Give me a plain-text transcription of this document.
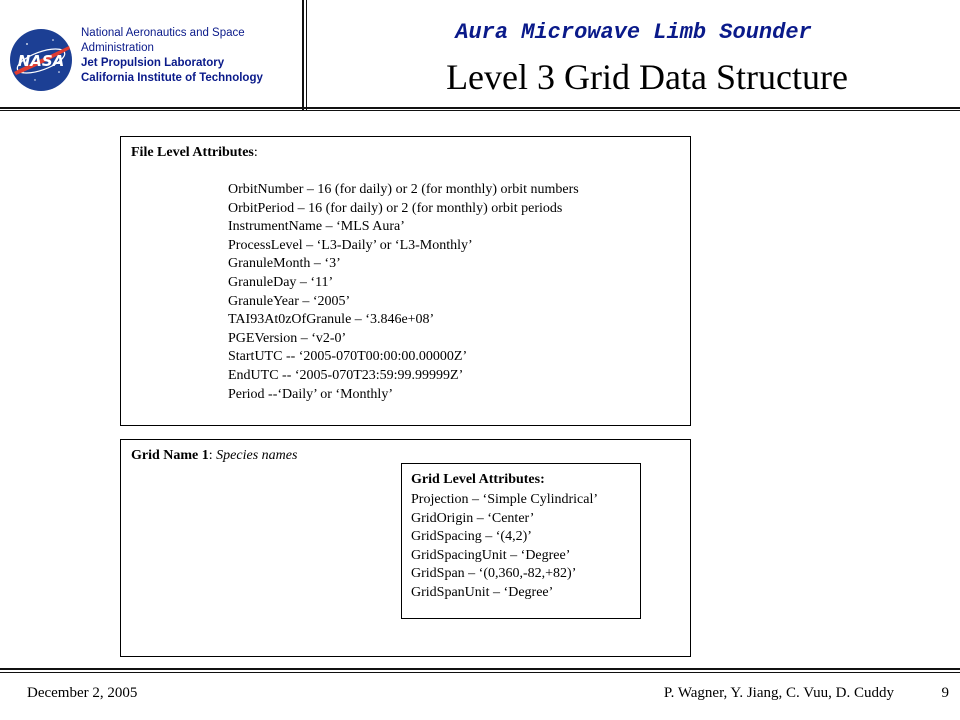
NASA
National Aeronautics and Space
Administration
Jet Propulsion Laboratory
California Institute of Technology
Aura Microwave Limb Sounder
Level 3 Grid Data Structure
File Level Attributes:
OrbitNumber – 16 (for daily) or 2 (for monthly) orbit numbers
OrbitPeriod – 16 (for daily) or 2 (for monthly) orbit periods
InstrumentName – ‘MLS Aura’
ProcessLevel – ‘L3-Daily’ or ‘L3-Monthly’
GranuleMonth – ‘3’
GranuleDay – ‘11’
GranuleYear – ‘2005’
TAI93At0zOfGranule – ‘3.846e+08’
PGEVersion – ‘v2-0’
StartUTC -- ‘2005-070T00:00:00.00000Z’
EndUTC -- ‘2005-070T23:59:99.99999Z’
Period --‘Daily’ or ‘Monthly’
Grid Name 1: Species names
Grid Level Attributes:
Projection – ‘Simple Cylindrical’
GridOrigin – ‘Center’
GridSpacing – ‘(4,2)’
GridSpacingUnit – ‘Degree’
GridSpan – ‘(0,360,-82,+82)’
GridSpanUnit – ‘Degree’
December 2, 2005	P. Wagner, Y. Jiang, C. Vuu, D. Cuddy	9
